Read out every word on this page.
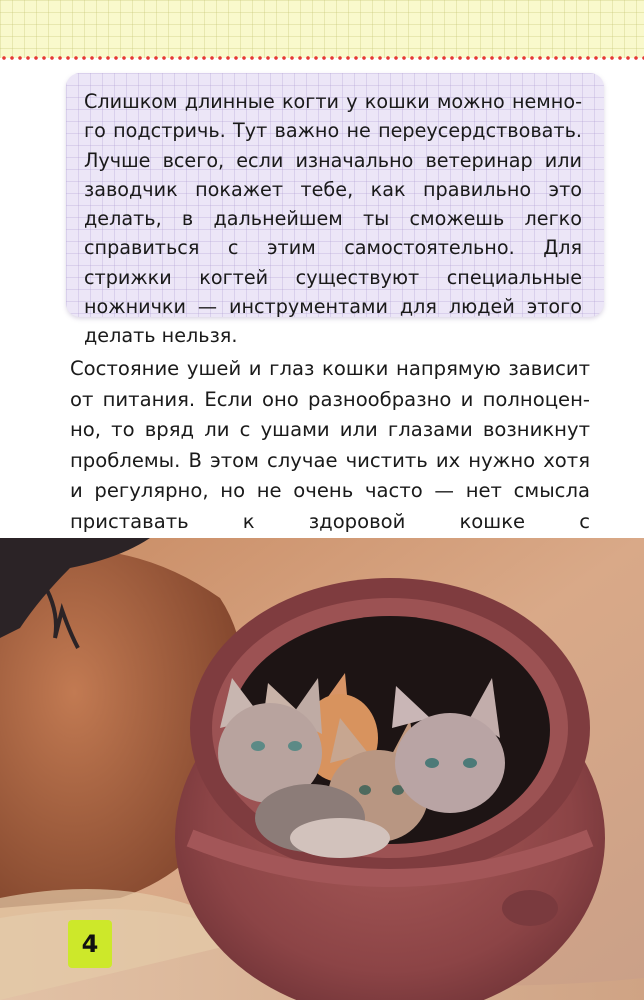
Слишком длинные когти у кошки можно немного подстричь. Тут важно не переусердствовать. Лучше всего, если изначально ветеринар или заводчик покажет тебе, как правильно это делать, в дальнейшем ты сможешь легко справиться с этим самостоятельно. Для стрижки когтей существуют специальные ножнички — инструментами для людей этого делать нельзя.

Состояние ушей и глаз кошки напрямую зависит от питания. Если оно разнообразно и полноценно, то вряд ли с ушами или глазами возникнут проблемы. В этом случае чистить их нужно хотя и регулярно, но не очень часто — нет смысла приставать к здоровой кошке с

4
